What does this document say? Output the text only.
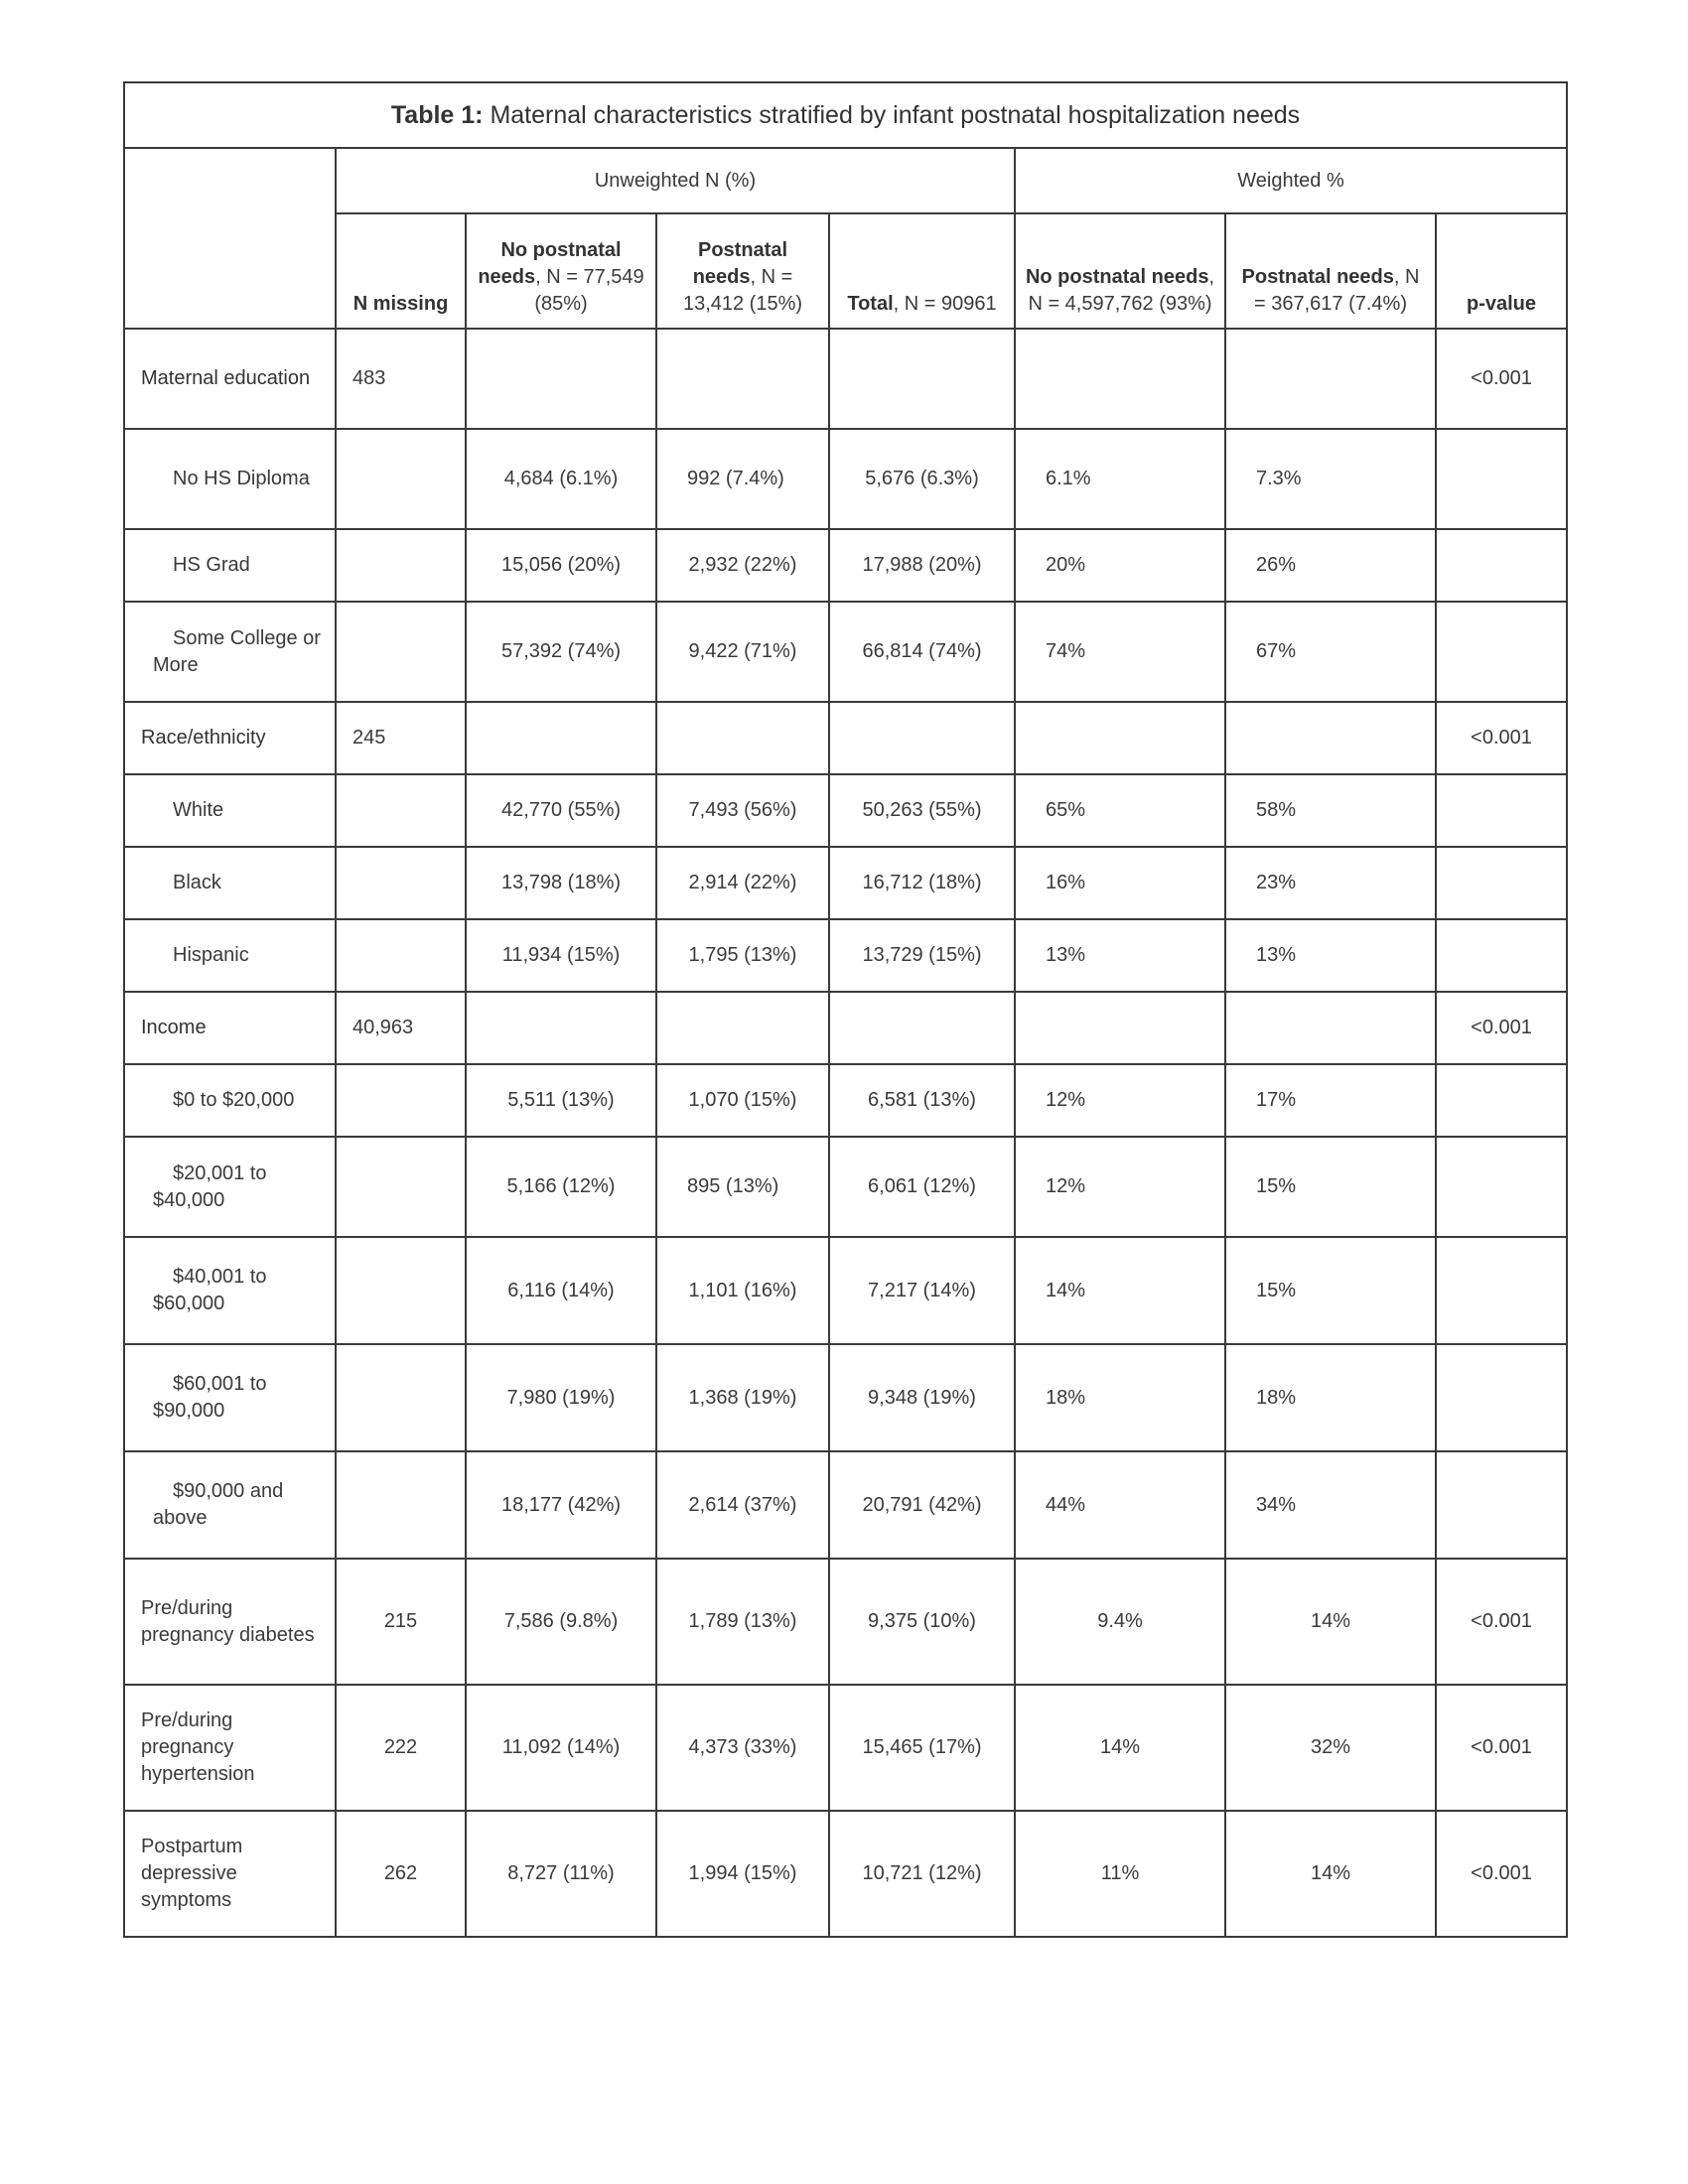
Table 1: Maternal characteristics stratified by infant postnatal hospitalization needs							
	Unweighted N (%)				Weighted %		
	N missing	No postnatal needs, N = 77,549 (85%)	Postnatal needs, N = 13,412 (15%)	Total, N = 90961	No postnatal needs, N = 4,597,762 (93%)	Postnatal needs, N = 367,617 (7.4%)	p-value
Maternal education	483						<0.001
No HS Diploma		4,684 (6.1%)	992 (7.4%)	5,676 (6.3%)	6.1%	7.3%	
HS Grad		15,056 (20%)	2,932 (22%)	17,988 (20%)	20%	26%	
Some College or More		57,392 (74%)	9,422 (71%)	66,814 (74%)	74%	67%	
Race/ethnicity	245						<0.001
White		42,770 (55%)	7,493 (56%)	50,263 (55%)	65%	58%	
Black		13,798 (18%)	2,914 (22%)	16,712 (18%)	16%	23%	
Hispanic		11,934 (15%)	1,795 (13%)	13,729 (15%)	13%	13%	
Income	40,963						<0.001
$0 to $20,000		5,511 (13%)	1,070 (15%)	6,581 (13%)	12%	17%	
$20,001 to $40,000		5,166 (12%)	895 (13%)	6,061 (12%)	12%	15%	
$40,001 to $60,000		6,116 (14%)	1,101 (16%)	7,217 (14%)	14%	15%	
$60,001 to $90,000		7,980 (19%)	1,368 (19%)	9,348 (19%)	18%	18%	
$90,000 and above		18,177 (42%)	2,614 (37%)	20,791 (42%)	44%	34%	
Pre/during pregnancy diabetes	215	7,586 (9.8%)	1,789 (13%)	9,375 (10%)	9.4%	14%	<0.001
Pre/during pregnancy hypertension	222	11,092 (14%)	4,373 (33%)	15,465 (17%)	14%	32%	<0.001
Postpartum depressive symptoms	262	8,727 (11%)	1,994 (15%)	10,721 (12%)	11%	14%	<0.001
